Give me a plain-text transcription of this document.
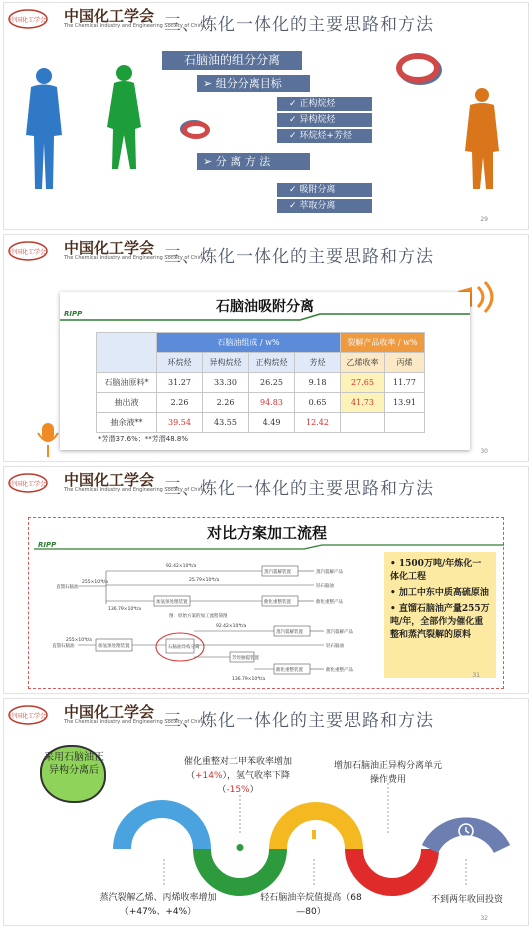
中国化工学会 中国化工学会
The Chemical Industry and Engineering Society of China
三、炼化一体化的主要思路和方法
石脑油的组分分离
➢ 组分分离目标
✓ 正构烷烃
✓ 异构烷烃
✓ 环烷烃+芳烃
➢ 分 离 方 法
✓ 吸附分离
✓ 萃取分离
29
中国化工学会 中国化工学会
The Chemical Industry and Engineering Society of China
三、炼化一体化的主要思路和方法
石脑油吸附分离
RIPP
	石脑油组成 / w%				裂解产品收率 / w%	
	环烷烃	异构烷烃	正构烷烃	芳烃	乙烯收率	丙烯
石脑油原料*	31.27	33.30	26.25	9.18	27.65	11.77
抽出液	2.26	2.26	94.83	0.65	41.73	13.91
抽余液**	39.54	43.55	4.49	12.42		
*芳潜37.6%；**芳潜48.8%
30
中国化工学会 中国化工学会
The Chemical Industry and Engineering Society of China
三、炼化一体化的主要思路和方法
对比方案加工流程
RIPP
直馏石脑油
255×10⁴t/a
92.42×10⁴t/a
蒸汽裂解装置	蒸汽裂解产品
25.79×10⁴t/a
轻石脑油
136.79×10⁴t/a
加氢预处理装置	催化重整装置	催化重整产品
图：原始方案的加工流程简图
直馏石脑油
255×10⁴t/a
加氢预处理装置	石脑油异构分离
92.42×10⁴t/a
蒸汽裂解装置	蒸汽裂解产品
轻石脑油
芳烃抽提装置
催化重整装置	催化重整产品
136.79×10⁴t/a
• 1500万吨/年炼化一体化工程
• 加工中东中质高硫原油
• 直馏石脑油产量255万吨/年，全部作为催化重整和蒸汽裂解的原料
31
中国化工学会 中国化工学会
The Chemical Industry and Engineering Society of China
三、炼化一体化的主要思路和方法
采用石脑油正异构分离后
催化重整对二甲苯收率增加（+14%），氢气收率下降（-15%）
增加石脑油正异构分离单元操作费用
蒸汽裂解乙烯、丙烯收率增加（+47%、+4%）
轻石脑油辛烷值提高（68—80）
不到两年收回投资
32
